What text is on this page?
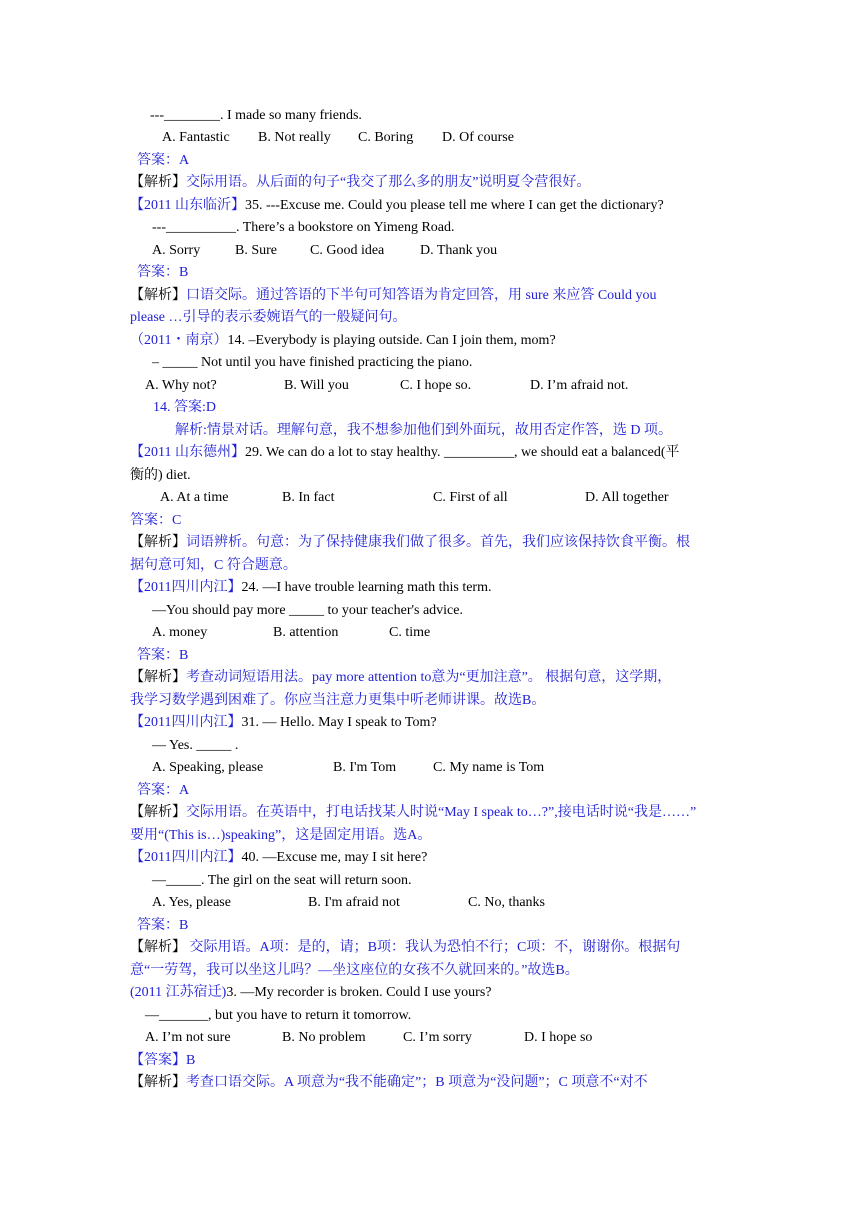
---________. I made so many friends.
A. Fantastic B. Not really C. Boring D. Of course
答案：A
【解析】交际用语。从后面的句子“我交了那么多的朋友”说明夏令营很好。
【2011 山东临沂】35. ---Excuse me. Could you please tell me where I can get the dictionary?
---__________. There’s a bookstore on Yimeng Road.
A. Sorry B. Sure C. Good idea	D. Thank you
答案：B
【解析】口语交际。通过答语的下半句可知答语为肯定回答，用 sure 来应答 Could you
please …引导的表示委婉语气的一般疑问句。
（2011・南京）14. –Everybody is playing outside. Can I join them, mom?
– _____ Not until you have finished practicing the piano.
A. Why not?	B. Will you	C. I hope so.	D. I’m afraid not.
14. 答案:D
解析:情景对话。理解句意，我不想参加他们到外面玩，故用否定作答，选 D 项。
【2011 山东德州】29. We can do a lot to stay healthy. __________, we should eat a balanced(平
衡的) diet.
A. At a time	B. In fact	C. First of all	D. All together
答案：C
【解析】词语辨析。句意：为了保持健康我们做了很多。首先，我们应该保持饮食平衡。根
据句意可知，C 符合题意。
【2011四川内江】24. —I have trouble learning math this term.
—You should pay more _____ to your teacher's advice.
A. money	B. attention	C. time
答案：B
【解析】考查动词短语用法。pay more attention to意为“更加注意”。 根据句意，这学期，
我学习数学遇到困难了。你应当注意力更集中听老师讲课。故选B。
【2011四川内江】31. — Hello. May I speak to Tom?
— Yes. _____ .
A. Speaking, please	B. I'm Tom	C. My name is Tom
答案：A
【解析】交际用语。在英语中，打电话找某人时说“May I speak to…?”,接电话时说“我是……”
要用“(This is…)speaking”，这是固定用语。选A。
【2011四川内江】40. —Excuse me, may I sit here?
—_____. The girl on the seat will return soon.
A. Yes, please	B. I'm afraid not	C. No, thanks
答案：B
【解析】 交际用语。A项：是的，请；B项：我认为恐怕不行；C项：不，谢谢你。根据句
意“一劳驾，我可以坐这儿吗？—坐这座位的女孩不久就回来的。”故选B。
(2011 江苏宿迁)3. —My recorder is broken. Could I use yours?
—_______, but you have to return it tomorrow.
A. I’m not sure	B. No problem	C. I’m sorry	D. I hope so
【答案】B
【解析】考查口语交际。A 项意为“我不能确定”；B 项意为“没问题”；C 项意不“对不
